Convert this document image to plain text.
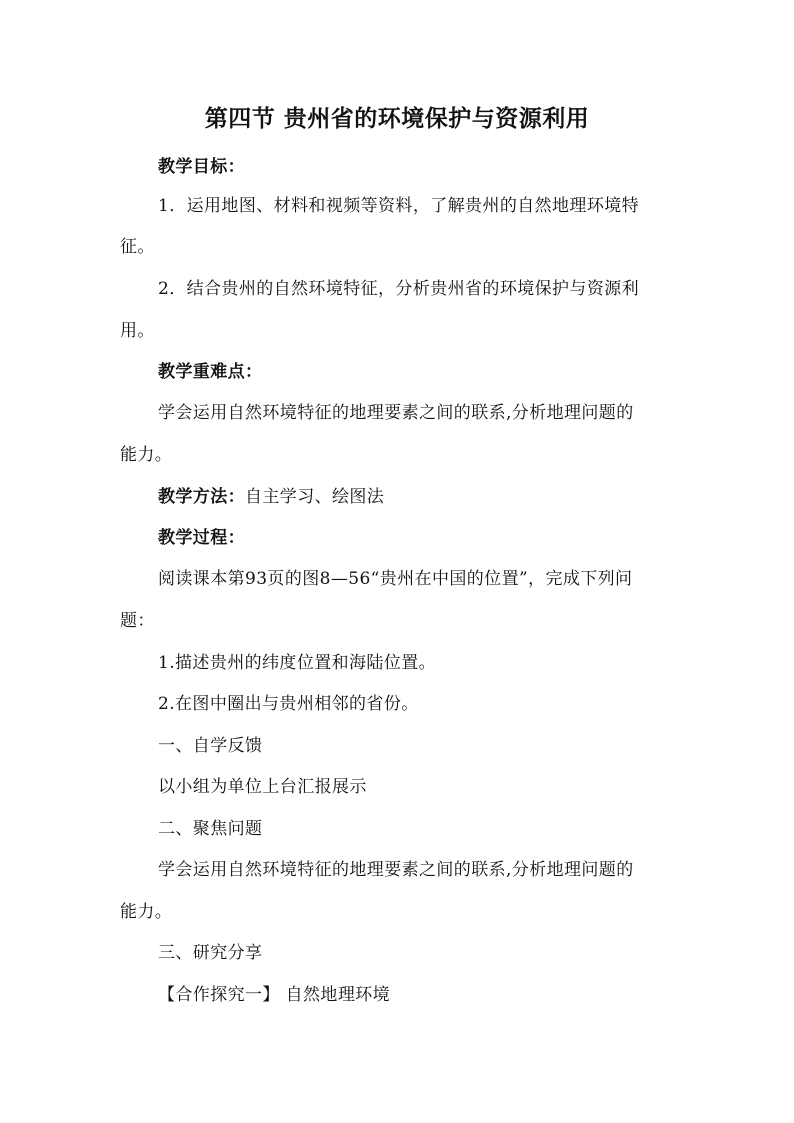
第四节 贵州省的环境保护与资源利用
教学目标：
1．运用地图、材料和视频等资料，了解贵州的自然地理环境特
征。
2．结合贵州的自然环境特征，分析贵州省的环境保护与资源利
用。
教学重难点：
学会运用自然环境特征的地理要素之间的联系,分析地理问题的
能力。
教学方法：自主学习、绘图法
教学过程：
阅读课本第93页的图8—56“贵州在中国的位置”，完成下列问
题：
1.描述贵州的纬度位置和海陆位置。
2.在图中圈出与贵州相邻的省份。
一、自学反馈
以小组为单位上台汇报展示
二、聚焦问题
学会运用自然环境特征的地理要素之间的联系,分析地理问题的
能力。
三、研究分享
【合作探究一】 自然地理环境
